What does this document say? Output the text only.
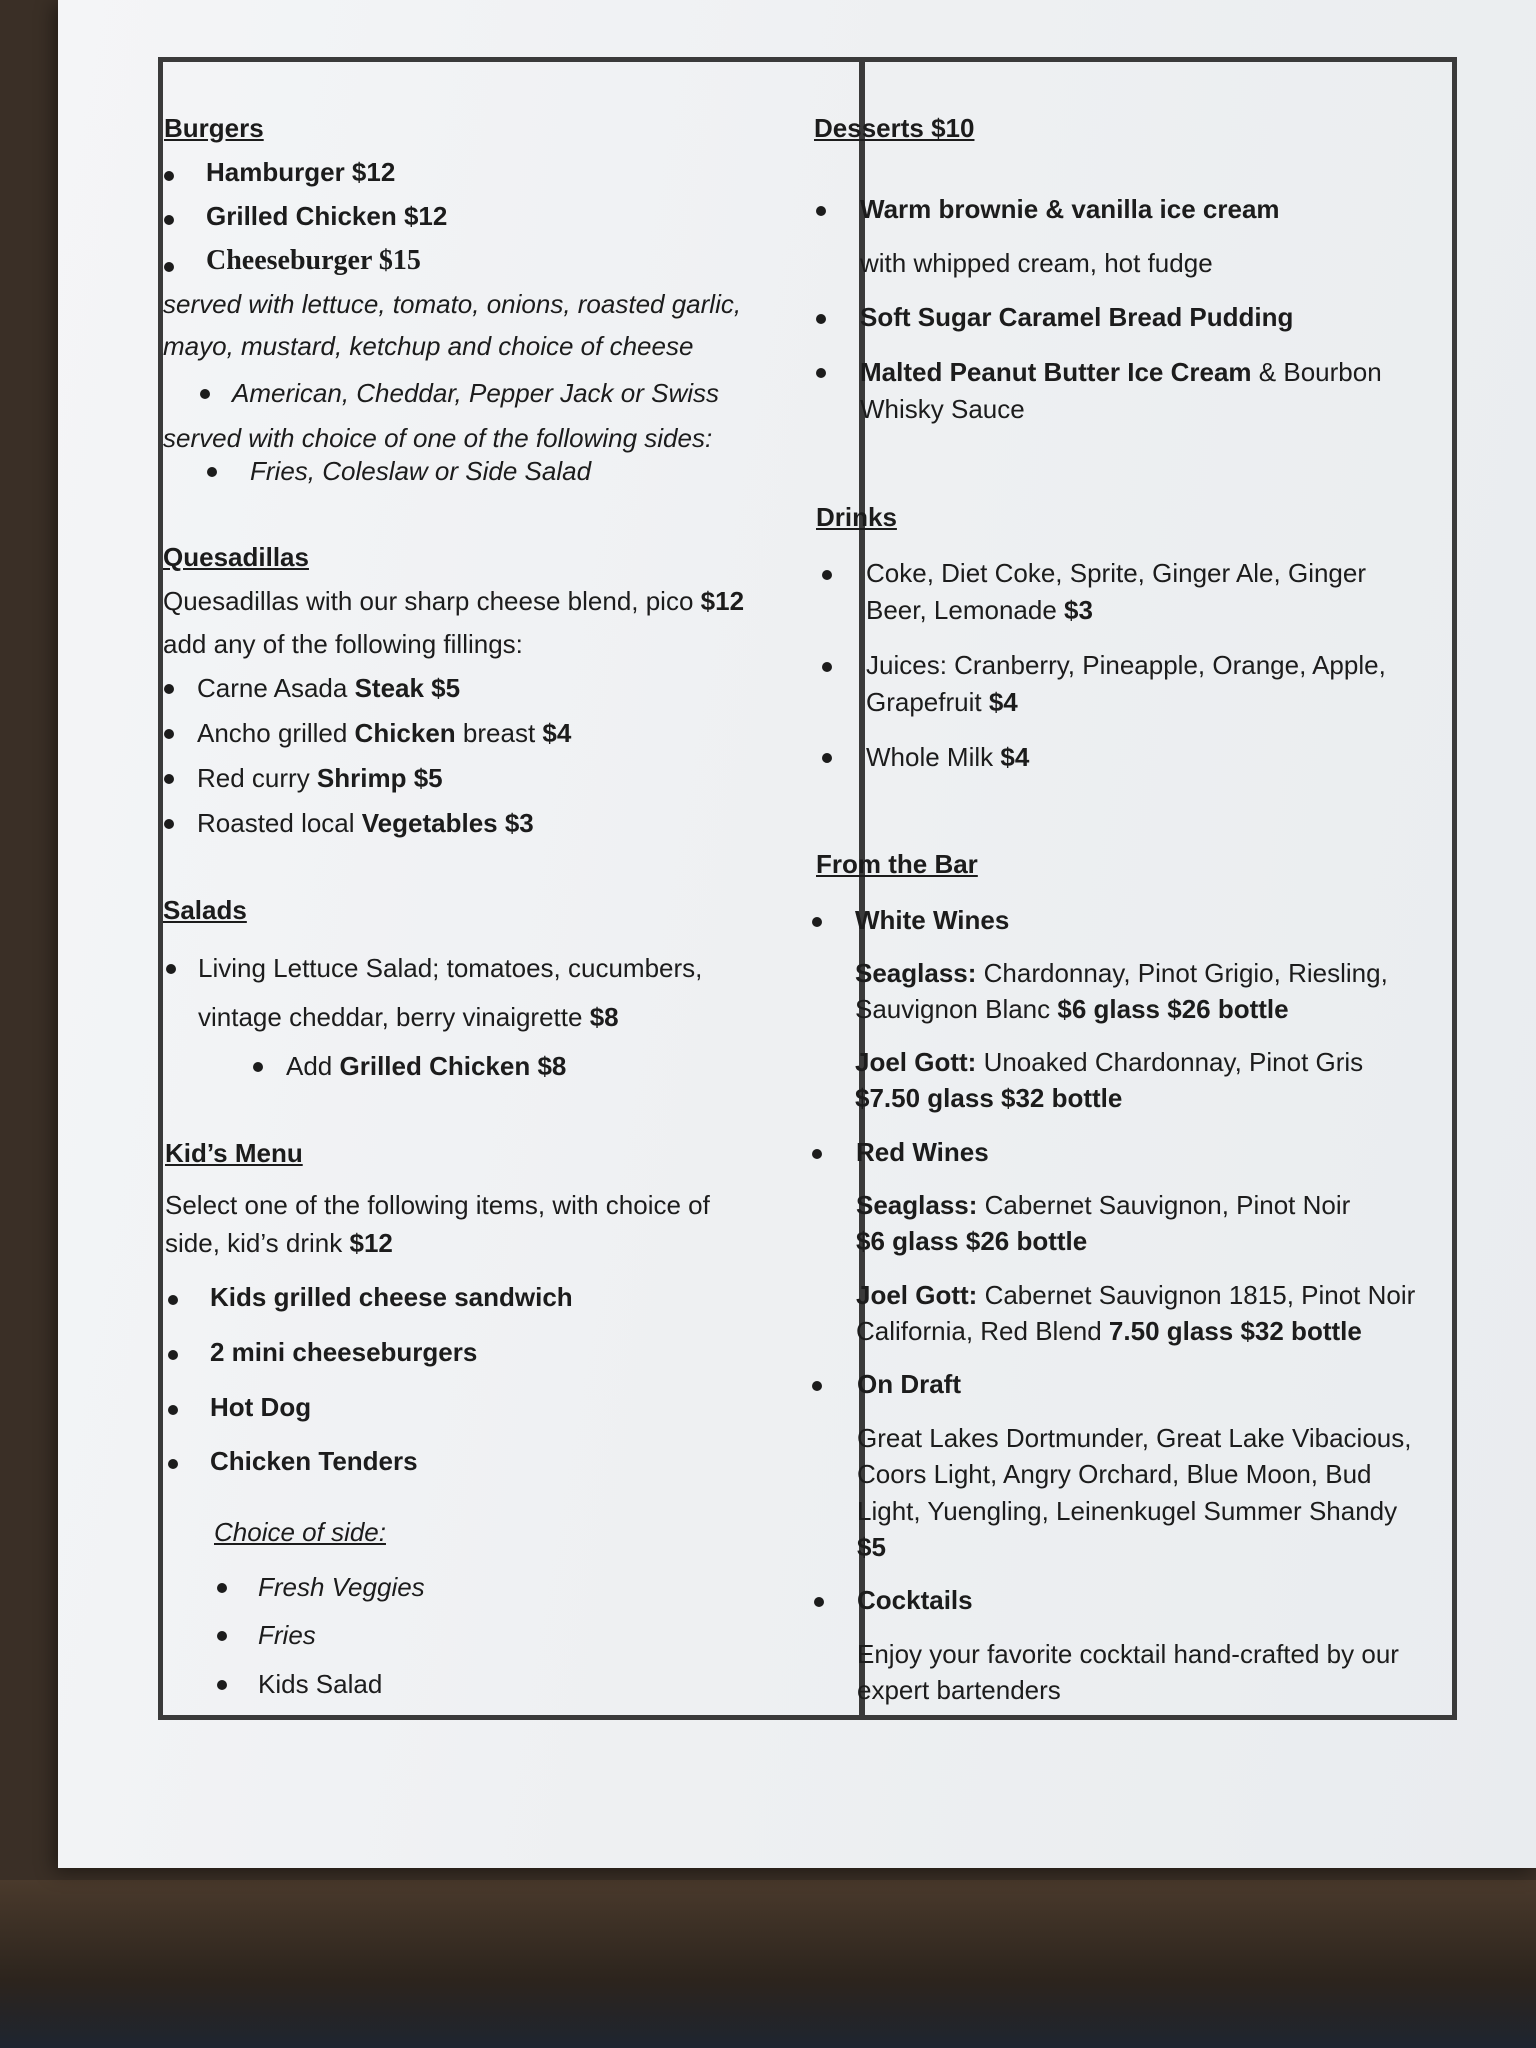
Burgers
Hamburger $12
Grilled Chicken $12
Cheeseburger $15
served with lettuce, tomato, onions, roasted garlic,
mayo, mustard, ketchup and choice of cheese
American, Cheddar, Pepper Jack or Swiss
served with choice of one of the following sides:
Fries, Coleslaw or Side Salad
Quesadillas
Quesadillas with our sharp cheese blend, pico $12
add any of the following fillings:
Carne Asada Steak $5
Ancho grilled Chicken breast $4
Red curry Shrimp $5
Roasted local Vegetables $3
Salads
Living Lettuce Salad; tomatoes, cucumbers,
vintage cheddar, berry vinaigrette $8
Add Grilled Chicken $8
Kid’s Menu
Select one of the following items, with choice of
side, kid’s drink $12
Kids grilled cheese sandwich
2 mini cheeseburgers
Hot Dog
Chicken Tenders
Choice of side:
Fresh Veggies
Fries
Kids Salad
Desserts $10
Warm brownie & vanilla ice cream
with whipped cream, hot fudge
Soft Sugar Caramel Bread Pudding
Malted Peanut Butter Ice Cream & Bourbon
Whisky Sauce
Drinks
Coke, Diet Coke, Sprite, Ginger Ale, Ginger
Beer, Lemonade $3
Juices: Cranberry, Pineapple, Orange, Apple,
Grapefruit $4
Whole Milk $4
From the Bar
White Wines
Seaglass: Chardonnay, Pinot Grigio, Riesling,
Sauvignon Blanc $6 glass $26 bottle
Joel Gott: Unoaked Chardonnay, Pinot Gris
$7.50 glass $32 bottle
Red Wines
Seaglass: Cabernet Sauvignon, Pinot Noir
$6 glass $26 bottle
Joel Gott: Cabernet Sauvignon 1815, Pinot Noir
California, Red Blend 7.50 glass $32 bottle
On Draft
Great Lakes Dortmunder, Great Lake Vibacious,
Coors Light, Angry Orchard, Blue Moon, Bud
Light, Yuengling, Leinenkugel Summer Shandy
$5
Cocktails
Enjoy your favorite cocktail hand-crafted by our
expert bartenders
